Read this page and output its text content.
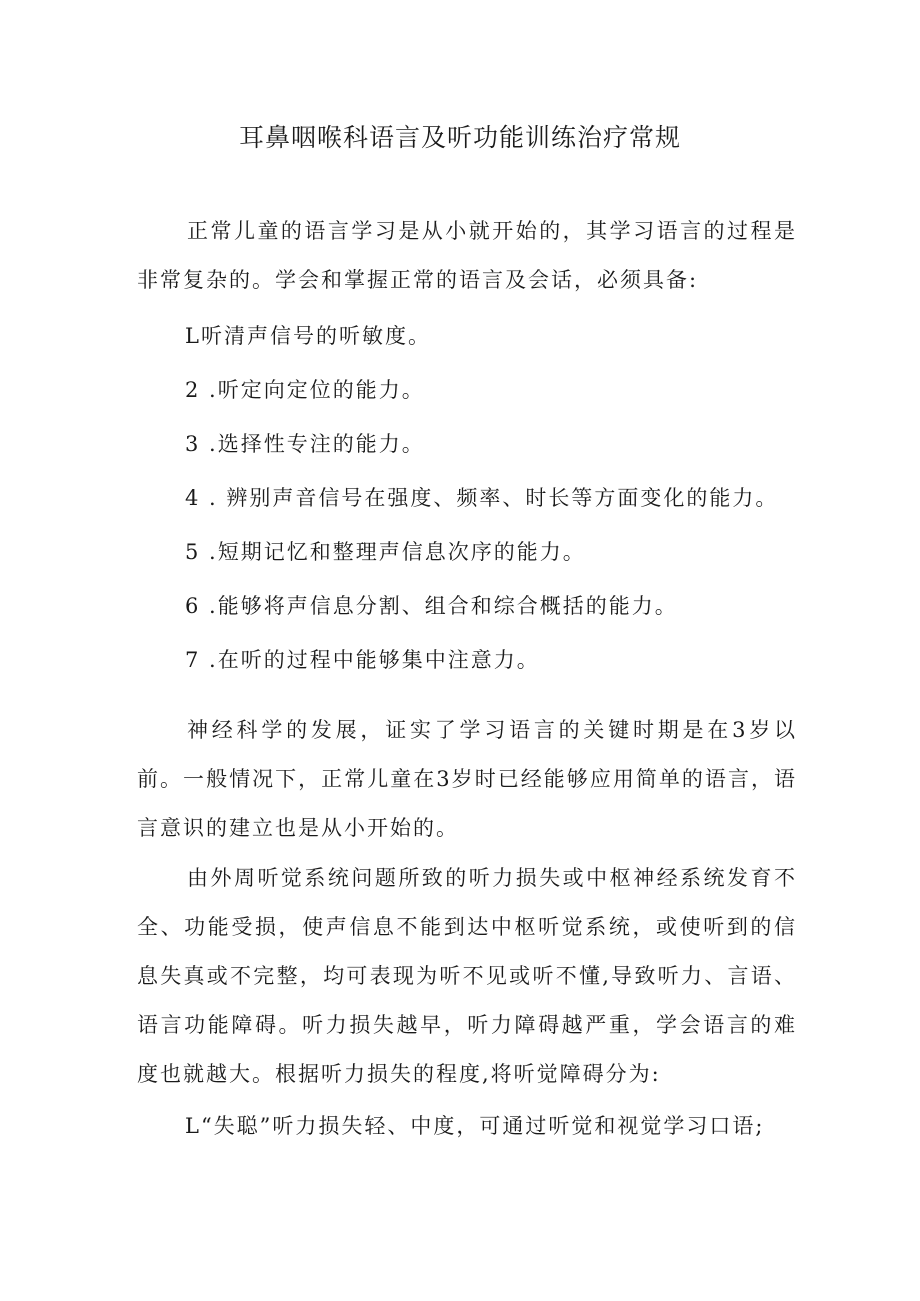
耳鼻咽喉科语言及听功能训练治疗常规

正常儿童的语言学习是从小就开始的，其学习语言的过程是非常复杂的。学会和掌握正常的语言及会话，必须具备:

L听清声信号的听敏度。
2 .听定向定位的能力。
3 .选择性专注的能力。
4 . 辨别声音信号在强度、频率、时长等方面变化的能力。
5 .短期记忆和整理声信息次序的能力。
6 .能够将声信息分割、组合和综合概括的能力。
7 .在听的过程中能够集中注意力。

神经科学的发展，证实了学习语言的关键时期是在3岁以前。一般情况下，正常儿童在3岁时已经能够应用简单的语言，语言意识的建立也是从小开始的。

由外周听觉系统问题所致的听力损失或中枢神经系统发育不全、功能受损，使声信息不能到达中枢听觉系统，或使听到的信息失真或不完整，均可表现为听不见或听不懂,导致听力、言语、语言功能障碍。听力损失越早，听力障碍越严重，学会语言的难度也就越大。根据听力损失的程度,将听觉障碍分为:

L“失聪”听力损失轻、中度，可通过听觉和视觉学习口语;
